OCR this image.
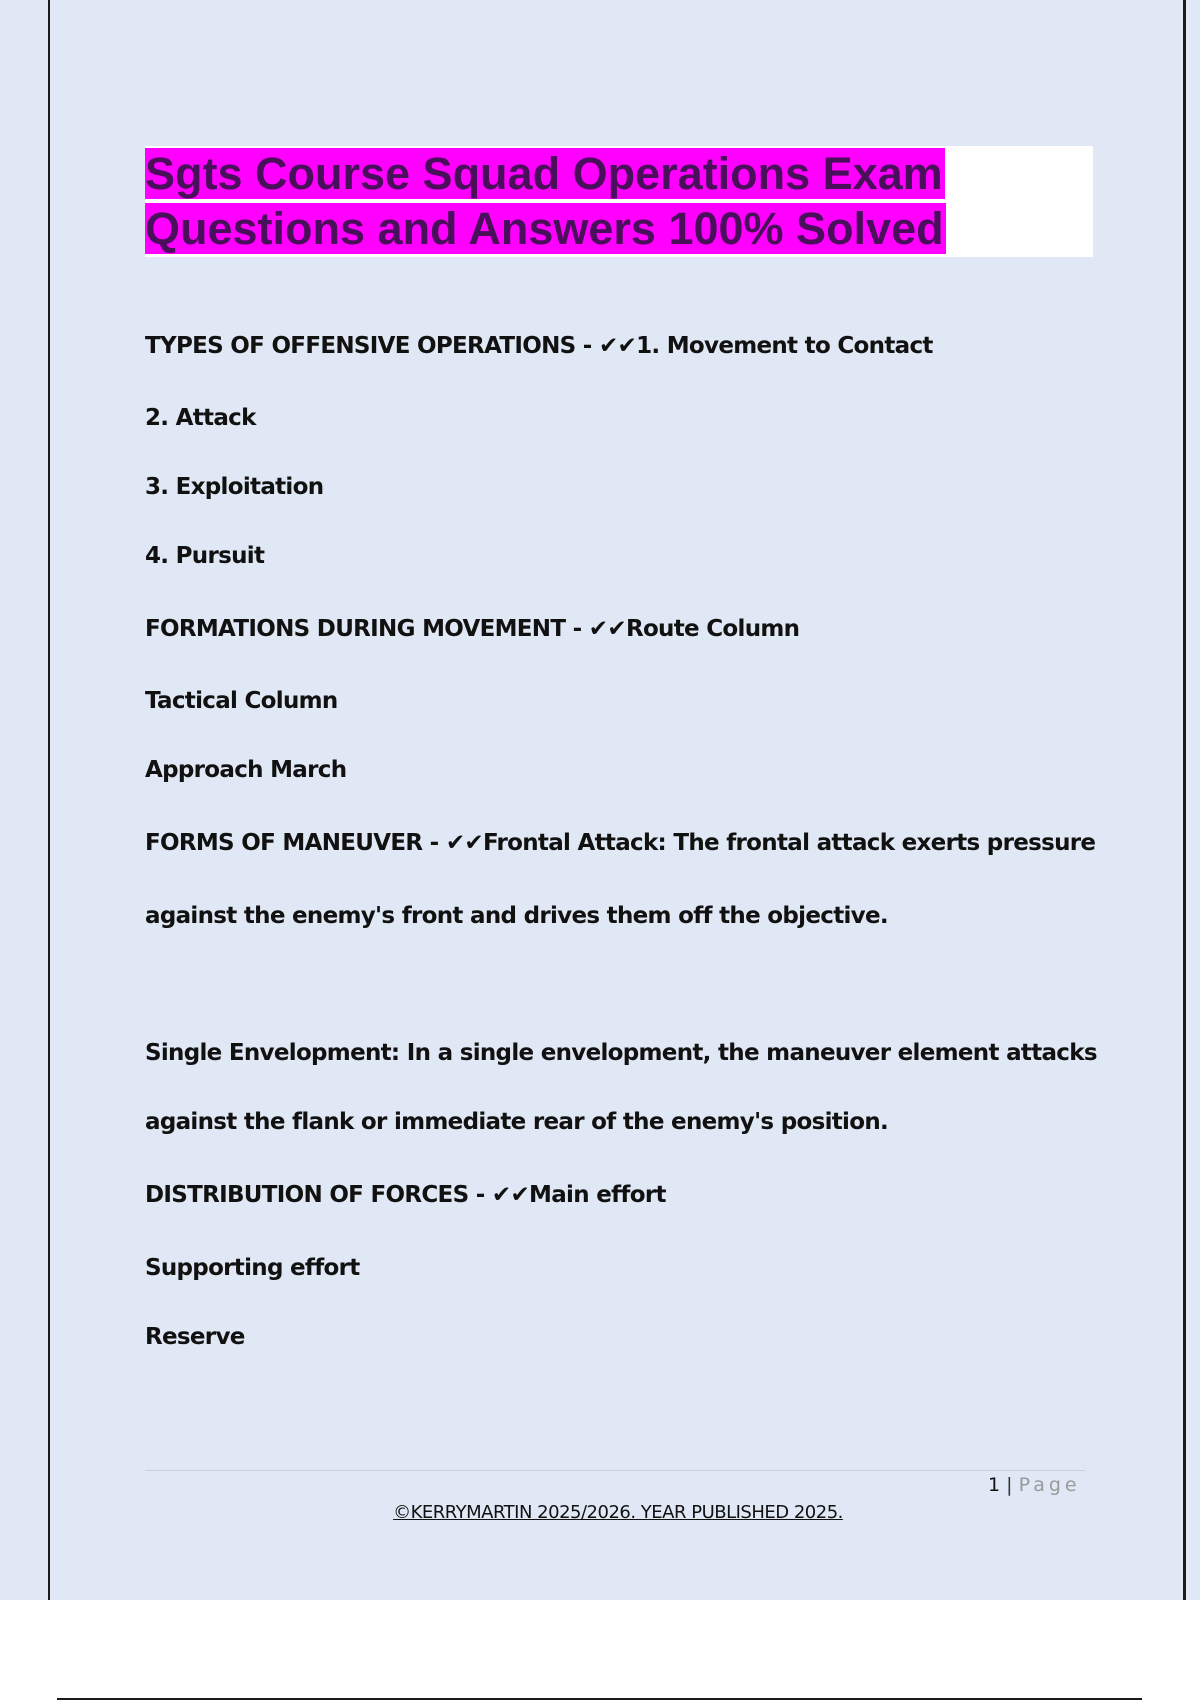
Sgts Course Squad Operations Exam Questions and Answers 100% Solved

TYPES OF OFFENSIVE OPERATIONS - ✔✔1. Movement to Contact

2. Attack

3. Exploitation

4. Pursuit

FORMATIONS DURING MOVEMENT - ✔✔Route Column

Tactical Column

Approach March

FORMS OF MANEUVER - ✔✔Frontal Attack: The frontal attack exerts pressure

against the enemy's front and drives them off the objective.

Single Envelopment: In a single envelopment, the maneuver element attacks

against the flank or immediate rear of the enemy's position.

DISTRIBUTION OF FORCES - ✔✔Main effort

Supporting effort

Reserve

1 | Page
©KERRYMARTIN 2025/2026. YEAR PUBLISHED 2025.
